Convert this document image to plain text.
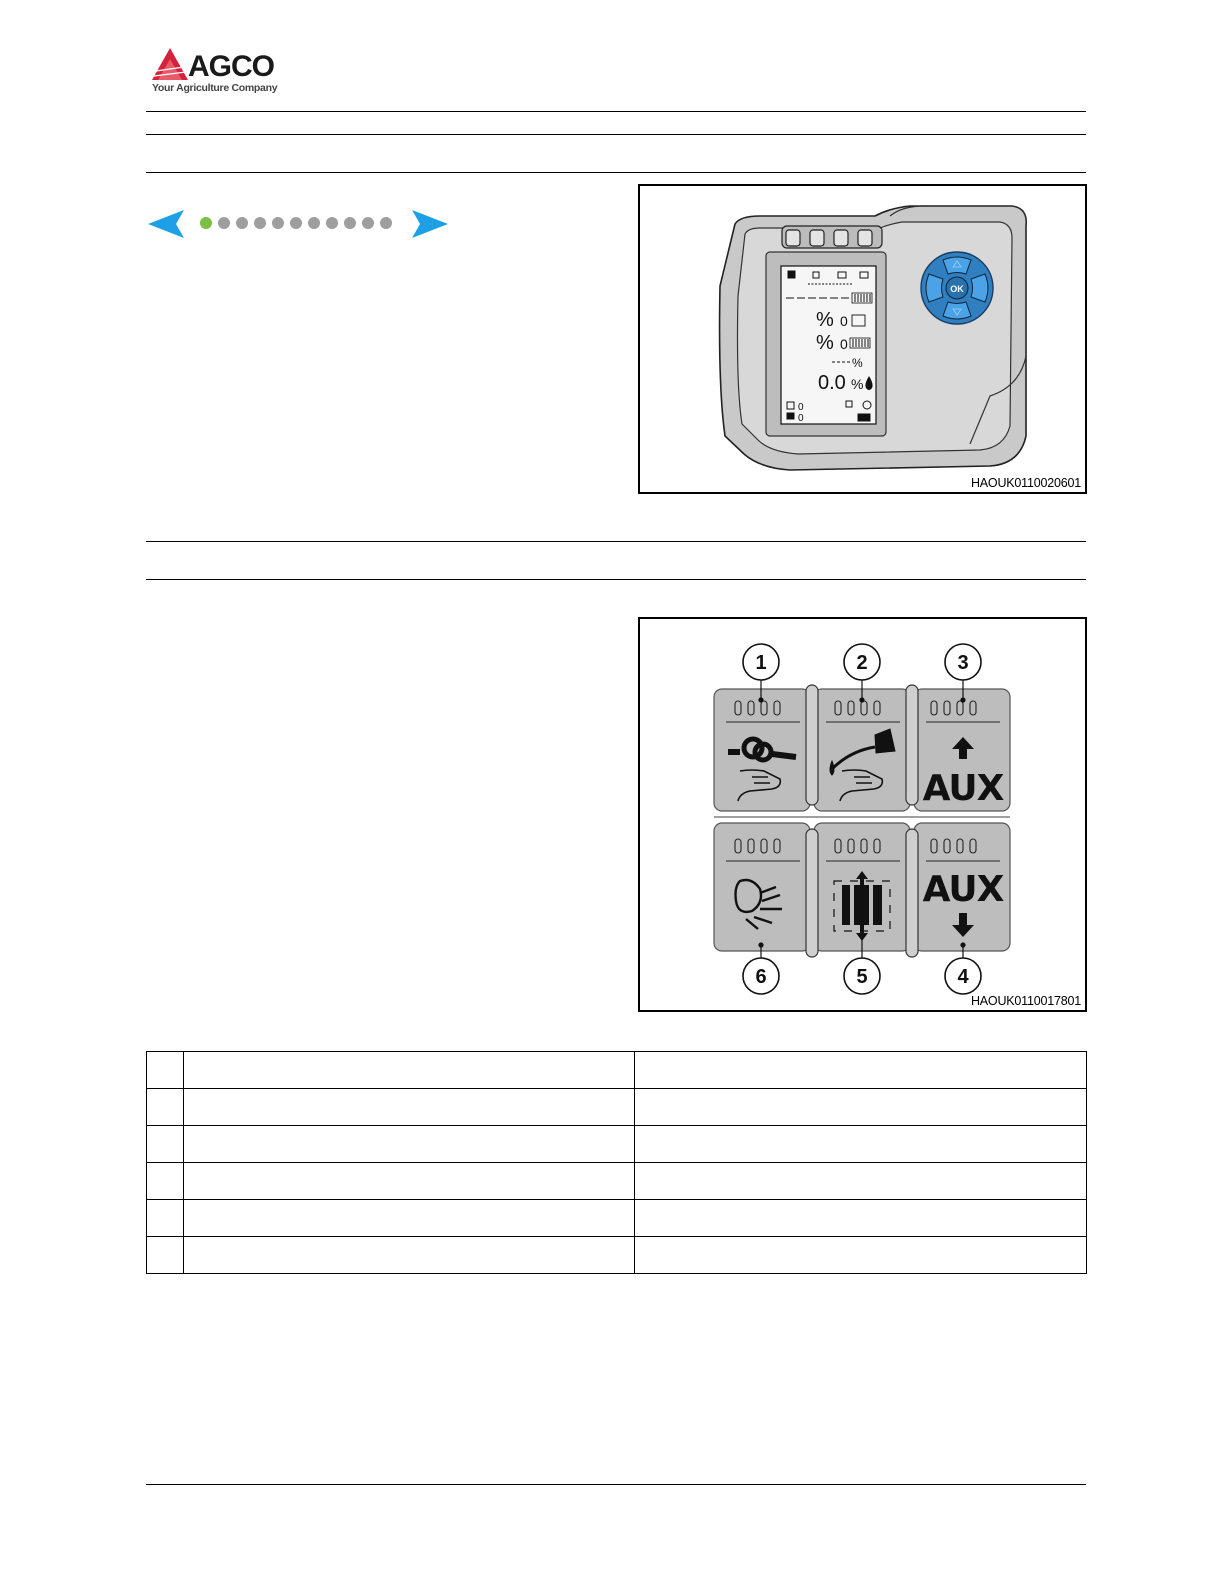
AGCO
Your Agriculture Company
% 0
% 0
%
0.0 %
0
0
OK
HAOUK0110020601
AUX
AUX
1	2	3
6	5	4
HAOUK0110017801
